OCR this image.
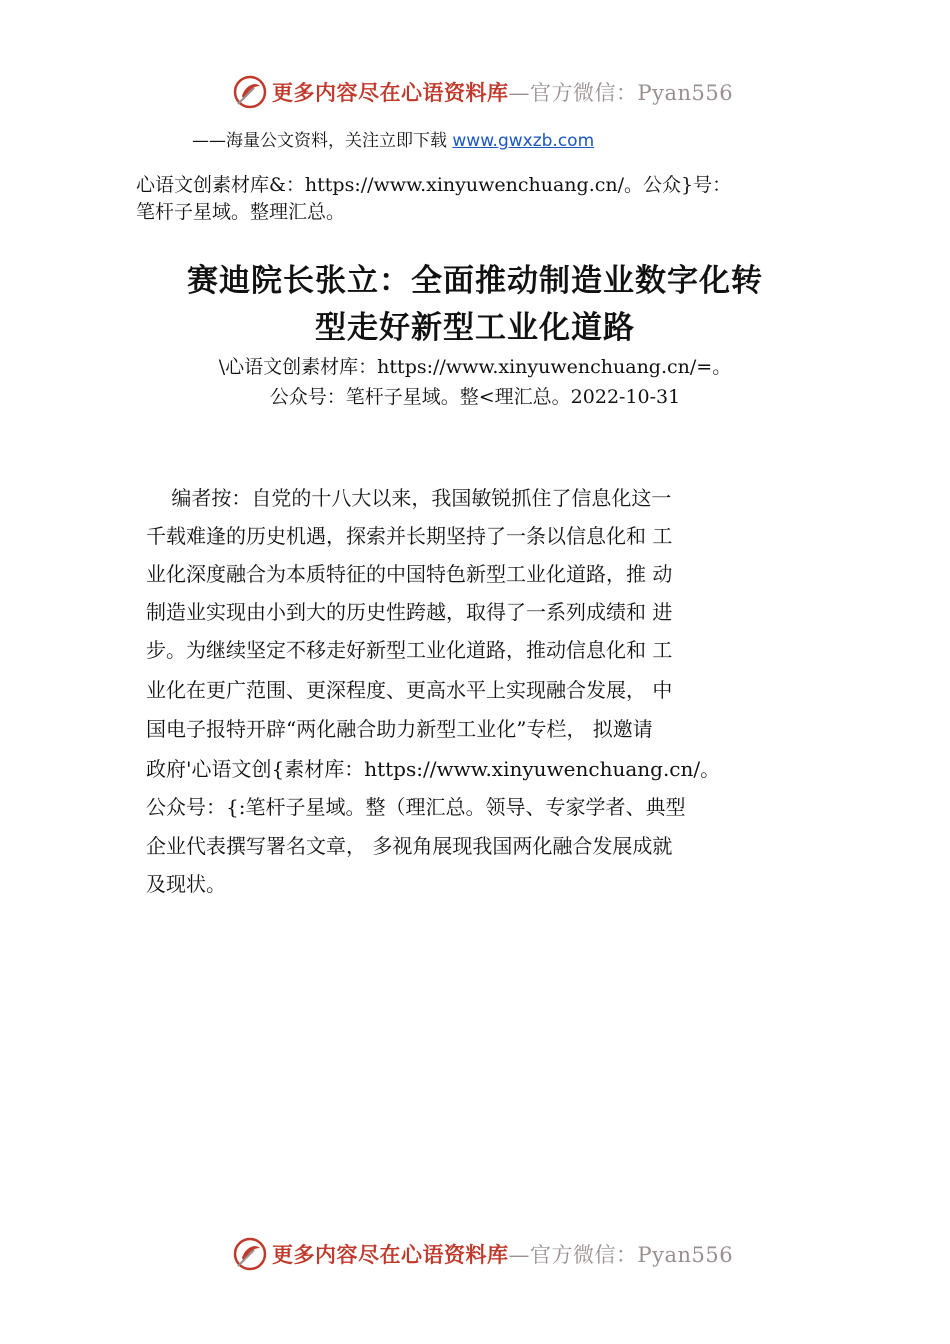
更多内容尽在心语资料库 —官方微信：Pyan556
——海量公文资料，关注立即下载 www.gwxzb.com
心语文创素材库&：https://www.xinyuwenchuang.cn/。公众}号：
笔杆子星域。整理汇总。
赛迪院长张立：全面推动制造业数字化转
型走好新型工业化道路
\心语文创素材库：https://www.xinyuwenchuang.cn/=。
公众号：笔杆子星域。整<理汇总。2022-10-31
编者按：自党的十八大以来，我国敏锐抓住了信息化这一
千载难逢的历史机遇，探索并长期坚持了一条以信息化和 工
业化深度融合为本质特征的中国特色新型工业化道路，推 动
制造业实现由小到大的历史性跨越，取得了一系列成绩和 进
步。为继续坚定不移走好新型工业化道路，推动信息化和 工
业化在更广范围、更深程度、更高水平上实现融合发展， 中
国电子报特开辟“两化融合助力新型工业化”专栏， 拟邀请
政府'心语文创{素材库：https://www.xinyuwenchuang.cn/。
公众号：{:笔杆子星域。整（理汇总。领导、专家学者、典型
企业代表撰写署名文章， 多视角展现我国两化融合发展成就
及现状。
更多内容尽在心语资料库 —官方微信：Pyan556
